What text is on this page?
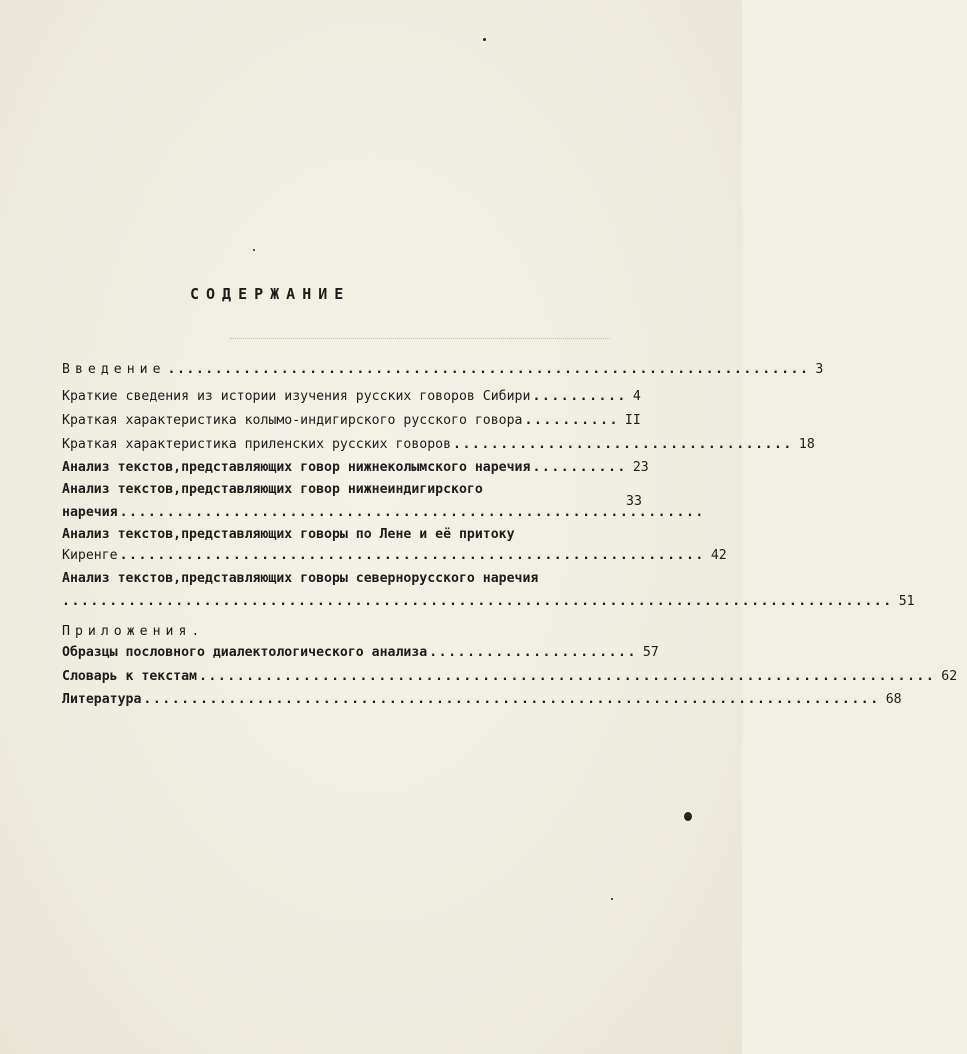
СОДЕРЖАНИЕ
Введение .................................................................... 3
Краткие сведения из истории изучения русских говоров Сибири .......... 4
Краткая характеристика колымо-индигирского русского говора .......... II
Краткая характеристика приленских русских говоров .................................... 18
Анализ текстов,представляющих говор нижнеколымского наречия .......... 23
Анализ текстов,представляющих говор нижнеиндигирского
наречия ..............................................................
33
Анализ текстов,представляющих говоры по Лене и её притоку
Киренге .............................................................. 42
Анализ текстов,представляющих говоры севернорусского наречия
........................................................................................ 51
Приложения.
Образцы пословного диалектологического анализа ...................... 57
Словарь к текстам .............................................................................. 62
Литература .............................................................................. 68
